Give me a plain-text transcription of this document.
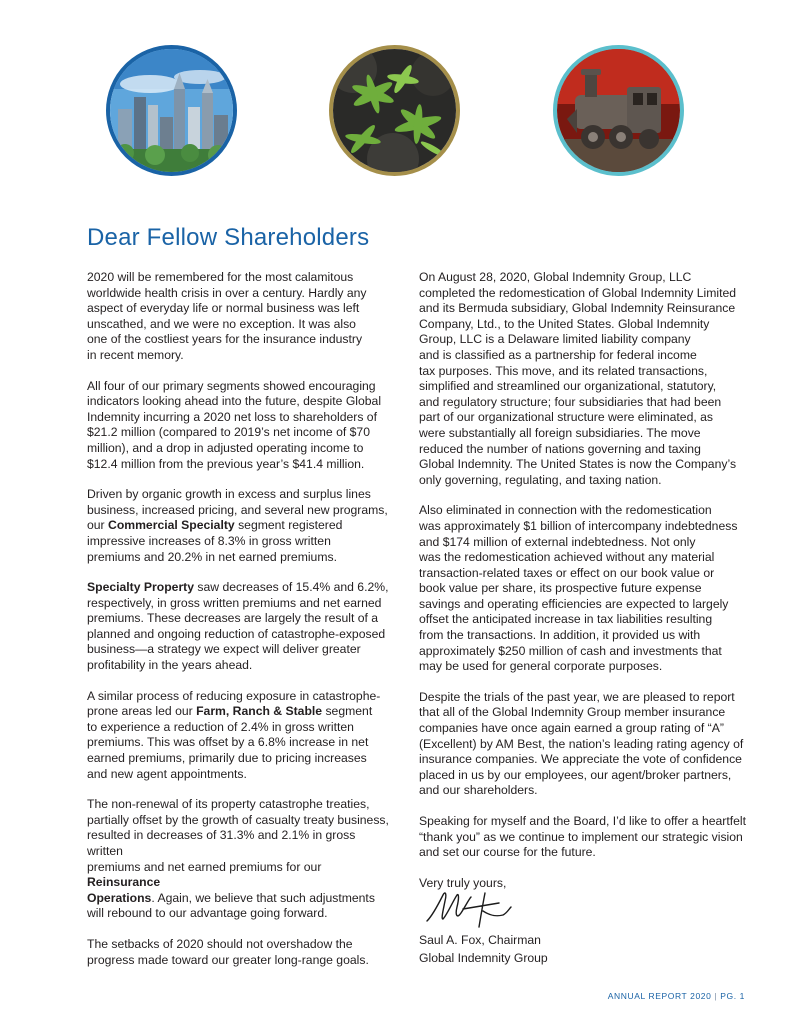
Dear Fellow Shareholders

2020 will be remembered for the most calamitous
worldwide health crisis in over a century. Hardly any
aspect of everyday life or normal business was left
unscathed, and we were no exception. It was also
one of the costliest years for the insurance industry
in recent memory.

All four of our primary segments showed encouraging
indicators looking ahead into the future, despite Global
Indemnity incurring a 2020 net loss to shareholders of
$21.2 million (compared to 2019’s net income of $70
million), and a drop in adjusted operating income to
$12.4 million from the previous year’s $41.4 million.

Driven by organic growth in excess and surplus lines
business, increased pricing, and several new programs,
our Commercial Specialty segment registered
impressive increases of 8.3% in gross written
premiums and 20.2% in net earned premiums.

Specialty Property saw decreases of 15.4% and 6.2%,
respectively, in gross written premiums and net earned
premiums. These decreases are largely the result of a
planned and ongoing reduction of catastrophe-exposed
business—a strategy we expect will deliver greater
profitability in the years ahead.

A similar process of reducing exposure in catastrophe-
prone areas led our Farm, Ranch & Stable segment
to experience a reduction of 2.4% in gross written
premiums. This was offset by a 6.8% increase in net
earned premiums, primarily due to pricing increases
and new agent appointments.

The non-renewal of its property catastrophe treaties,
partially offset by the growth of casualty treaty business,
resulted in decreases of 31.3% and 2.1% in gross written
premiums and net earned premiums for our Reinsurance
Operations. Again, we believe that such adjustments
will rebound to our advantage going forward.

The setbacks of 2020 should not overshadow the
progress made toward our greater long-range goals.

On August 28, 2020, Global Indemnity Group, LLC
completed the redomestication of Global Indemnity Limited
and its Bermuda subsidiary, Global Indemnity Reinsurance
Company, Ltd., to the United States. Global Indemnity
Group, LLC is a Delaware limited liability company
and is classified as a partnership for federal income
tax purposes. This move, and its related transactions,
simplified and streamlined our organizational, statutory,
and regulatory structure; four subsidiaries that had been
part of our organizational structure were eliminated, as
were substantially all foreign subsidiaries. The move
reduced the number of nations governing and taxing
Global Indemnity. The United States is now the Company’s
only governing, regulating, and taxing nation.

Also eliminated in connection with the redomestication
was approximately $1 billion of intercompany indebtedness
and $174 million of external indebtedness. Not only
was the redomestication achieved without any material
transaction-related taxes or effect on our book value or
book value per share, its prospective future expense
savings and operating efficiencies are expected to largely
offset the anticipated increase in tax liabilities resulting
from the transactions. In addition, it provided us with
approximately $250 million of cash and investments that
may be used for general corporate purposes.

Despite the trials of the past year, we are pleased to report
that all of the Global Indemnity Group member insurance
companies have once again earned a group rating of “A”
(Excellent) by AM Best, the nation’s leading rating agency of
insurance companies. We appreciate the vote of confidence
placed in us by our employees, our agent/broker partners,
and our shareholders.

Speaking for myself and the Board, I’d like to offer a heartfelt
“thank you” as we continue to implement our strategic vision
and set our course for the future.

Very truly yours,

Saul A. Fox, Chairman
Global Indemnity Group
ANNUAL REPORT 2020 | PG. 1
